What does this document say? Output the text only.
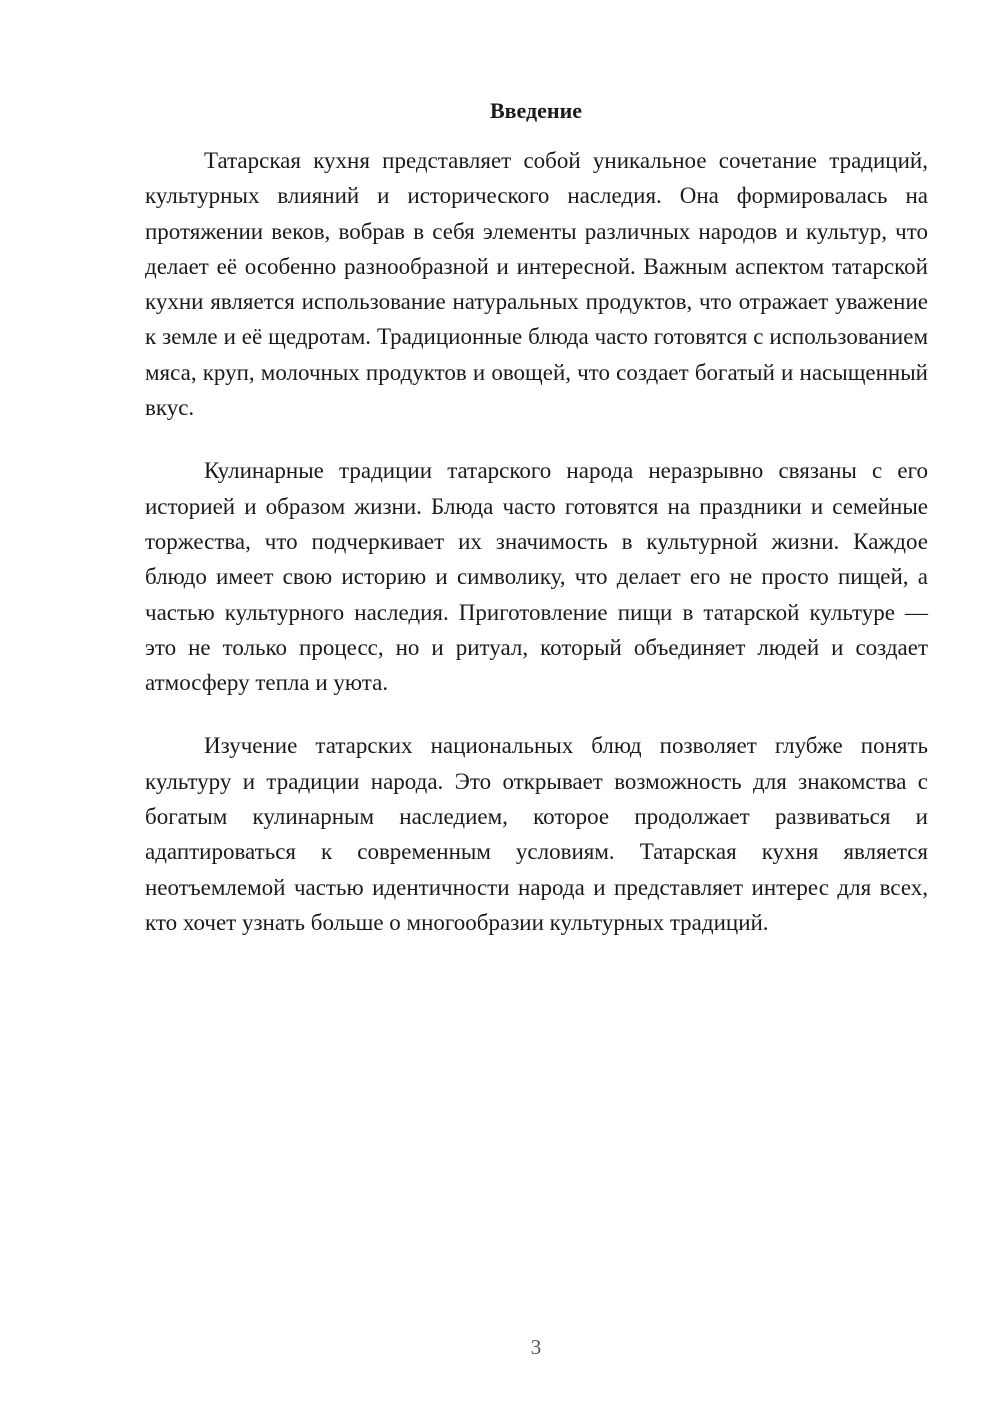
Введение

Татарская кухня представляет собой уникальное сочетание традиций, культурных влияний и исторического наследия. Она формировалась на протяжении веков, вобрав в себя элементы различных народов и культур, что делает её особенно разнообразной и интересной. Важным аспектом татарской кухни является использование натуральных продуктов, что отражает уважение к земле и её щедротам. Традиционные блюда часто готовятся с использованием мяса, круп, молочных продуктов и овощей, что создает богатый и насыщенный вкус.

Кулинарные традиции татарского народа неразрывно связаны с его историей и образом жизни. Блюда часто готовятся на праздники и семейные торжества, что подчеркивает их значимость в культурной жизни. Каждое блюдо имеет свою историю и символику, что делает его не просто пищей, а частью культурного наследия. Приготовление пищи в татарской культуре — это не только процесс, но и ритуал, который объединяет людей и создает атмосферу тепла и уюта.

Изучение татарских национальных блюд позволяет глубже понять культуру и традиции народа. Это открывает возможность для знакомства с богатым кулинарным наследием, которое продолжает развиваться и адаптироваться к современным условиям. Татарская кухня является неотъемлемой частью идентичности народа и представляет интерес для всех, кто хочет узнать больше о многообразии культурных традиций.

3
